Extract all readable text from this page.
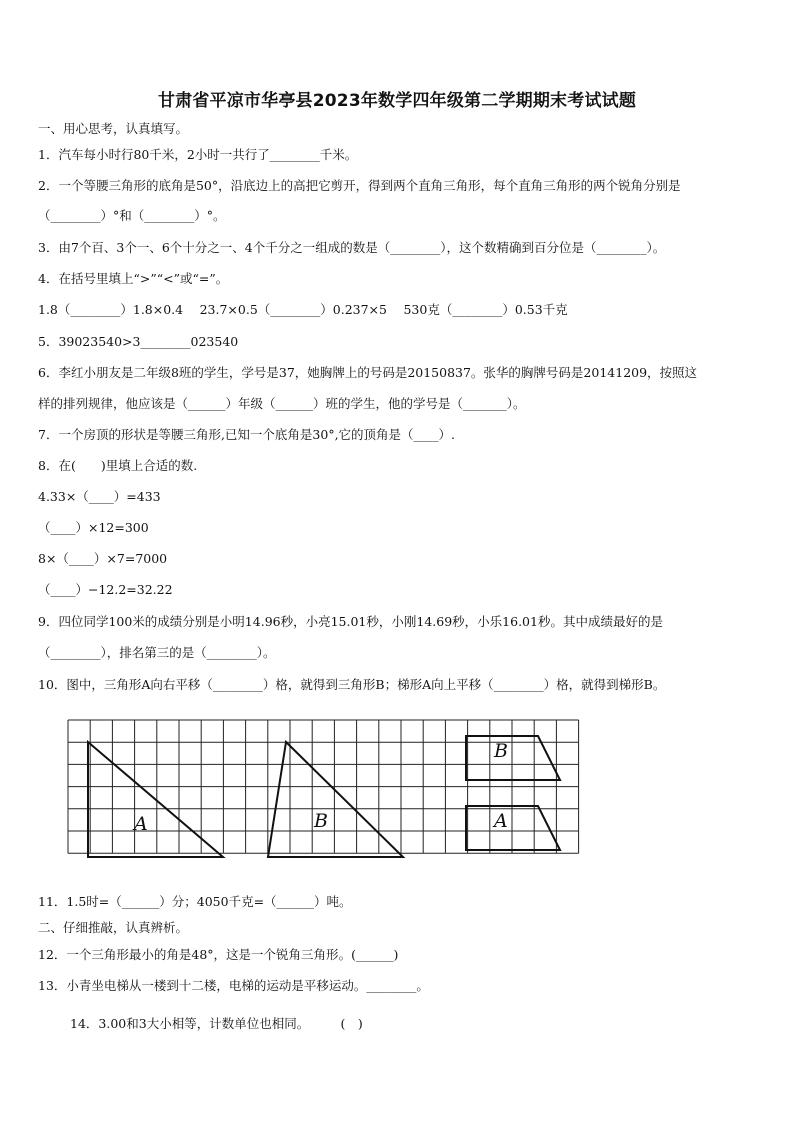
甘肃省平凉市华亭县2023年数学四年级第二学期期末考试试题
一、用心思考，认真填写。
1．汽车每小时行80千米，2小时一共行了________千米。
2．一个等腰三角形的底角是50°，沿底边上的高把它剪开，得到两个直角三角形，每个直角三角形的两个锐角分别是
（________）°和（________）°。
3．由7个百、3个一、6个十分之一、4个千分之一组成的数是（________），这个数精确到百分位是（________）。
4．在括号里填上“>”“<”或“=”。
1.8（________）1.8×0.4　 23.7×0.5（________）0.237×5　 530克（________）0.53千克
5．39023540>3________023540
6．李红小朋友是二年级8班的学生，学号是37，她胸牌上的号码是20150837。张华的胸牌号码是20141209，按照这
样的排列规律，他应该是（______）年级（______）班的学生，他的学号是（_______）。
7．一个房顶的形状是等腰三角形,已知一个底角是30°,它的顶角是（____）.
8．在(　　)里填上合适的数.
4.33×（____）=433
（____）×12=300
8×（____）×7=7000
（____）−12.2=32.22
9．四位同学100米的成绩分别是小明14.96秒，小亮15.01秒，小刚14.69秒，小乐16.01秒。其中成绩最好的是
（________），排名第三的是（________）。
10．图中，三角形A向右平移（________）格，就得到三角形B；梯形A向上平移（________）格，就得到梯形B。
A	B
B
A
11．1.5时=（______）分；4050千克=（______）吨。
二、仔细推敲，认真辨析。
12．一个三角形最小的角是48°，这是一个锐角三角形。(______)
13．小青坐电梯从一楼到十二楼，电梯的运动是平移运动。________。
14．3.00和3大小相等，计数单位也相同。　　　(　)
